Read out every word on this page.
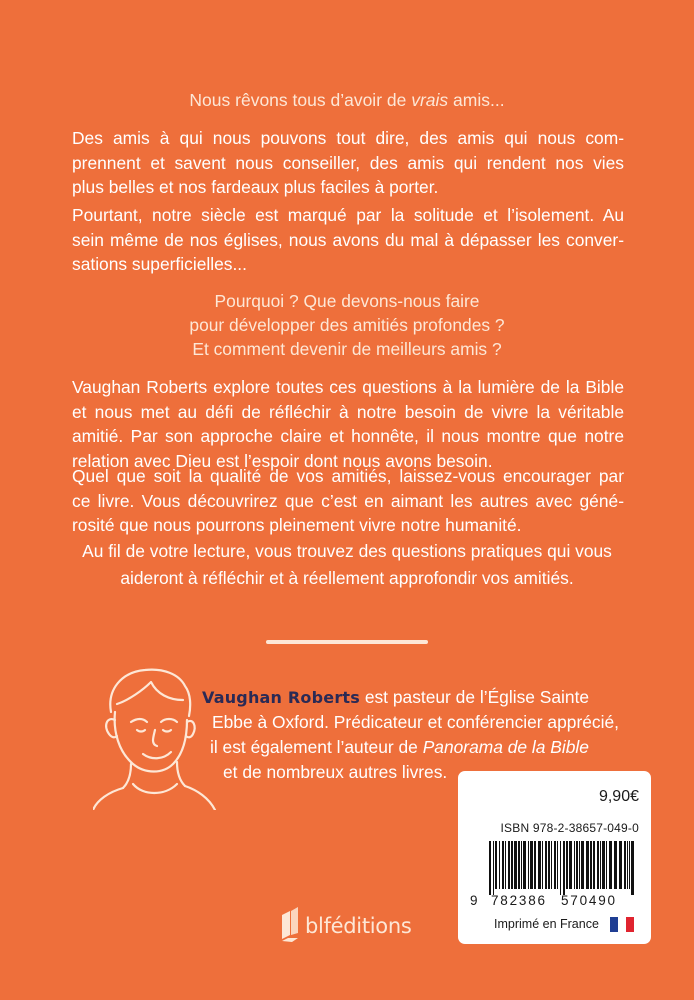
Nous rêvons tous d’avoir de vrais amis...
Des amis à qui nous pouvons tout dire, des amis qui nous com-
prennent et savent nous conseiller, des amis qui rendent nos vies
plus belles et nos fardeaux plus faciles à porter.
Pourtant, notre siècle est marqué par la solitude et l’isolement. Au
sein même de nos églises, nous avons du mal à dépasser les conver-
sations superficielles...
Pourquoi ? Que devons-nous faire
pour développer des amitiés profondes ?
Et comment devenir de meilleurs amis ?
Vaughan Roberts explore toutes ces questions à la lumière de la Bible
et nous met au défi de réfléchir à notre besoin de vivre la véritable
amitié. Par son approche claire et honnête, il nous montre que notre
relation avec Dieu est l’espoir dont nous avons besoin.
Quel que soit la qualité de vos amitiés, laissez-vous encourager par
ce livre. Vous découvrirez que c’est en aimant les autres avec géné-
rosité que nous pourrons pleinement vivre notre humanité.
Au fil de votre lecture, vous trouvez des questions pratiques qui vous
aideront à réfléchir et à réellement approfondir vos amitiés.
Vaughan Roberts est pasteur de l’Église Sainte
Ebbe à Oxford. Prédicateur et conférencier apprécié,
il est également l’auteur de Panorama de la Bible
et de nombreux autres livres.
blféditions
9,90€
ISBN 978-2-38657-049-0
9 782386 570490
Imprimé en France
